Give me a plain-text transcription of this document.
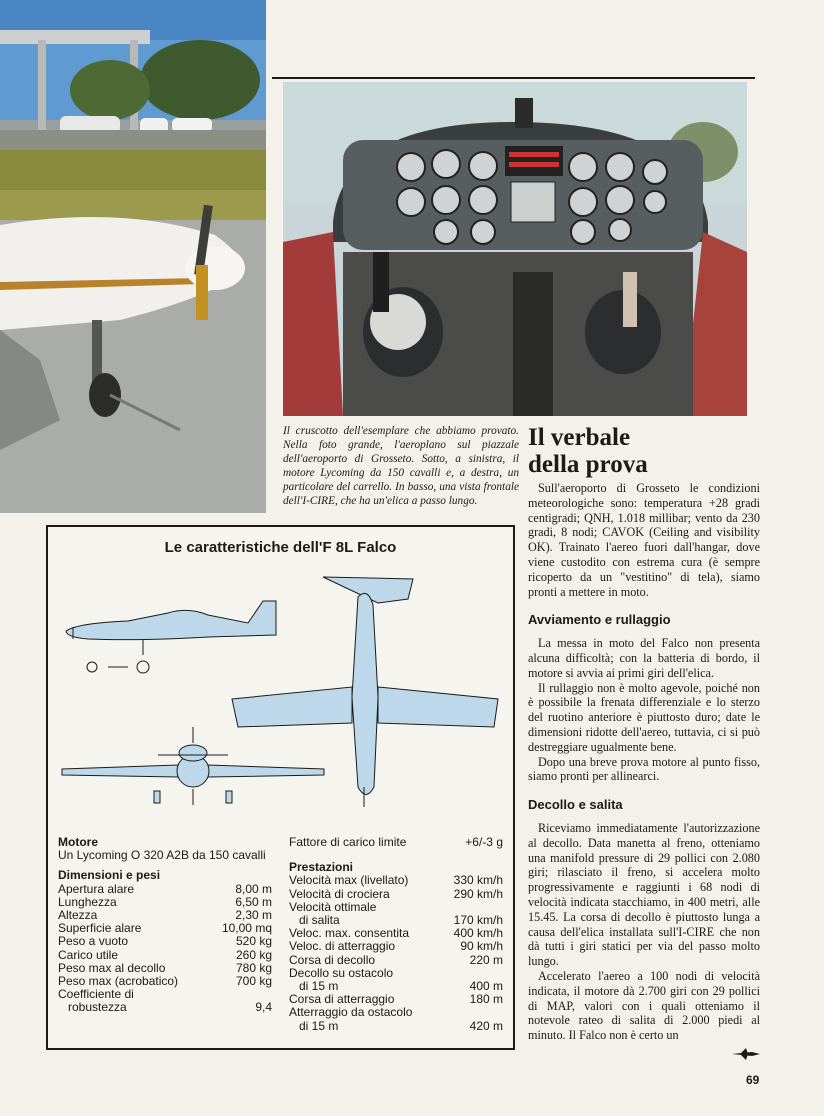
Il cruscotto dell'esemplare che abbiamo provato. Nella foto grande, l'aeroplano sul piazzale dell'aeroporto di Grosseto. Sotto, a sinistra, il motore Lycoming da 150 cavalli e, a destra, un particolare del carrello. In basso, una vista frontale dell'I-CIRE, che ha un'elica a passo lungo.
Il verbale
della prova

Sull'aeroporto di Grosseto le condizioni meteorologiche sono: temperatura +28 gradi centigradi; QNH, 1.018 millibar; vento da 230 gradi, 8 nodi; CAVOK (Ceiling and visibility OK). Trainato l'aereo fuori dall'hangar, dove viene custodito con estrema cura (è sempre ricoperto da un "vestitino" di tela), siamo pronti a mettere in moto.

Avviamento e rullaggio

La messa in moto del Falco non presenta alcuna difficoltà; con la batteria di bordo, il motore si avvia ai primi giri dell'elica.

Il rullaggio non è molto agevole, poiché non è possibile la frenata differenziale e lo sterzo del ruotino anteriore è piuttosto duro; date le dimensioni ridotte dell'aereo, tuttavia, ci si può destreggiare ugualmente bene.

Dopo una breve prova motore al punto fisso, siamo pronti per allinearci.

Decollo e salita

Riceviamo immediatamente l'autorizzazione al decollo. Data manetta al freno, otteniamo una manifold pressure di 29 pollici con 2.080 giri; rilasciato il freno, si accelera molto progressivamente e raggiunti i 68 nodi di velocità indicata stacchiamo, in 400 metri, alle 15.45. La corsa di decollo è piuttosto lunga a causa dell'elica installata sull'I-CIRE che non dà tutti i giri statici per via del passo molto lungo.

Accelerato l'aereo a 100 nodi di velocità indicata, il motore dà 2.700 giri con 29 pollici di MAP, valori con i quali otteniamo il notevole rateo di salita di 2.000 piedi al minuto. Il Falco non è certo un

Le caratteristiche dell'F 8L Falco
Motore
Un Lycoming O 320 A2B da 150 cavalli
Dimensioni e pesi
Apertura alare	8,00 m
Lunghezza	6,50 m
Altezza	2,30 m
Superficie alare	10,00 mq
Peso a vuoto	520 kg
Carico utile	260 kg
Peso max al decollo	780 kg
Peso max (acrobatico)	700 kg
Coefficiente di
robustezza	9,4
Fattore di carico limite	+6/-3 g
Prestazioni
Velocità max (livellato)	330 km/h
Velocità di crociera	290 km/h
Velocità ottimale
di salita	170 km/h
Veloc. max. consentita	400 km/h
Veloc. di atterraggio	90 km/h
Corsa di decollo	220 m
Decollo su ostacolo
di 15 m	400 m
Corsa di atterraggio	180 m
Atterraggio da ostacolo
di 15 m	420 m
69
